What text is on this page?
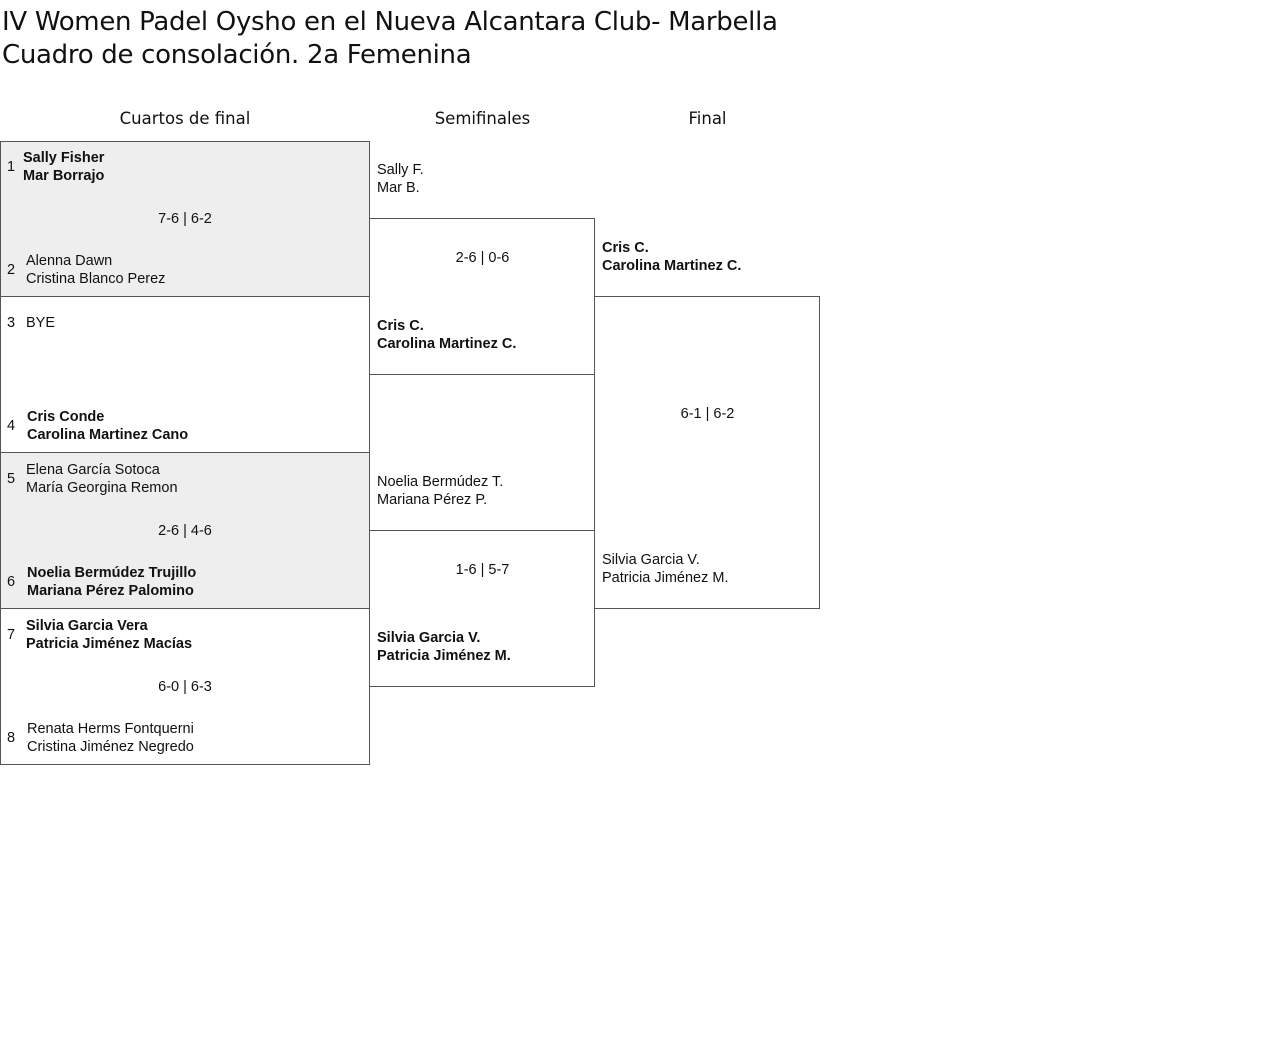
IV Women Padel Oysho en el Nueva Alcantara Club- Marbella
Cuadro de consolación. 2a Femenina
Cuartos de final	Semifinales	Final
1
Sally Fisher
Mar Borrajo
7-6 | 6-2
2
Alenna Dawn
Cristina Blanco Perez
3 BYE
4
Cris Conde
Carolina Martinez Cano
5
Elena García Sotoca
María Georgina Remon
2-6 | 4-6
6
Noelia Bermúdez Trujillo
Mariana Pérez Palomino
7
Silvia Garcia Vera
Patricia Jiménez Macías
6-0 | 6-3
8
Renata Herms Fontquerni
Cristina Jiménez Negredo
Sally F.
Mar B.
2-6 | 0-6
Cris C.
Carolina Martinez C.
Noelia Bermúdez T.
Mariana Pérez P.
1-6 | 5-7
Silvia Garcia V.
Patricia Jiménez M.
Cris C.
Carolina Martinez C.
6-1 | 6-2
Silvia Garcia V.
Patricia Jiménez M.
